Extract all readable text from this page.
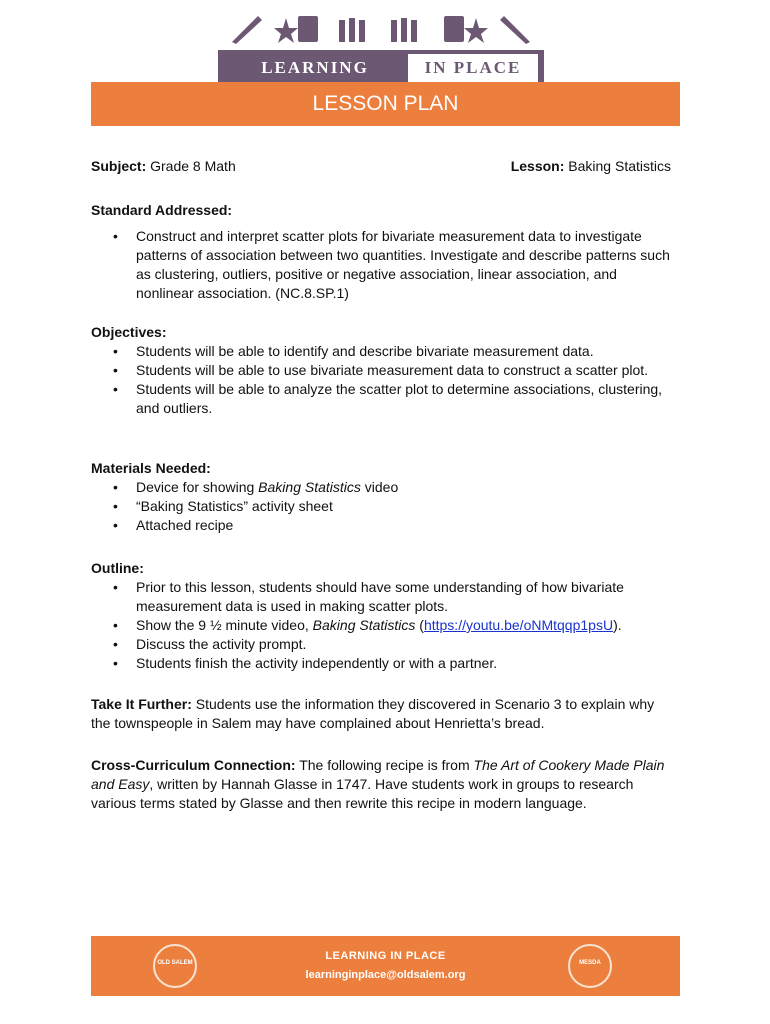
LEARNING	IN PLACE
LESSON PLAN
Subject: Grade 8 Math	Lesson: Baking Statistics
Standard Addressed:
• Construct and interpret scatter plots for bivariate measurement data to investigate patterns of association between two quantities. Investigate and describe patterns such as clustering, outliers, positive or negative association, linear association, and nonlinear association. (NC.8.SP.1)
Objectives:
• Students will be able to identify and describe bivariate measurement data.
• Students will be able to use bivariate measurement data to construct a scatter plot.
• Students will be able to analyze the scatter plot to determine associations, clustering, and outliers.
Materials Needed:
• Device for showing Baking Statistics video
• “Baking Statistics” activity sheet
• Attached recipe
Outline:
• Prior to this lesson, students should have some understanding of how bivariate measurement data is used in making scatter plots.
• Show the 9 ½ minute video, Baking Statistics (https://youtu.be/oNMtqqp1psU).
• Discuss the activity prompt.
• Students finish the activity independently or with a partner.
Take It Further: Students use the information they discovered in Scenario 3 to explain why the townspeople in Salem may have complained about Henrietta’s bread.
Cross-Curriculum Connection: The following recipe is from The Art of Cookery Made Plain and Easy, written by Hannah Glasse in 1747. Have students work in groups to research various terms stated by Glasse and then rewrite this recipe in modern language.
OLD SALEM
LEARNING IN PLACE
learninginplace@oldsalem.org
MESDA
